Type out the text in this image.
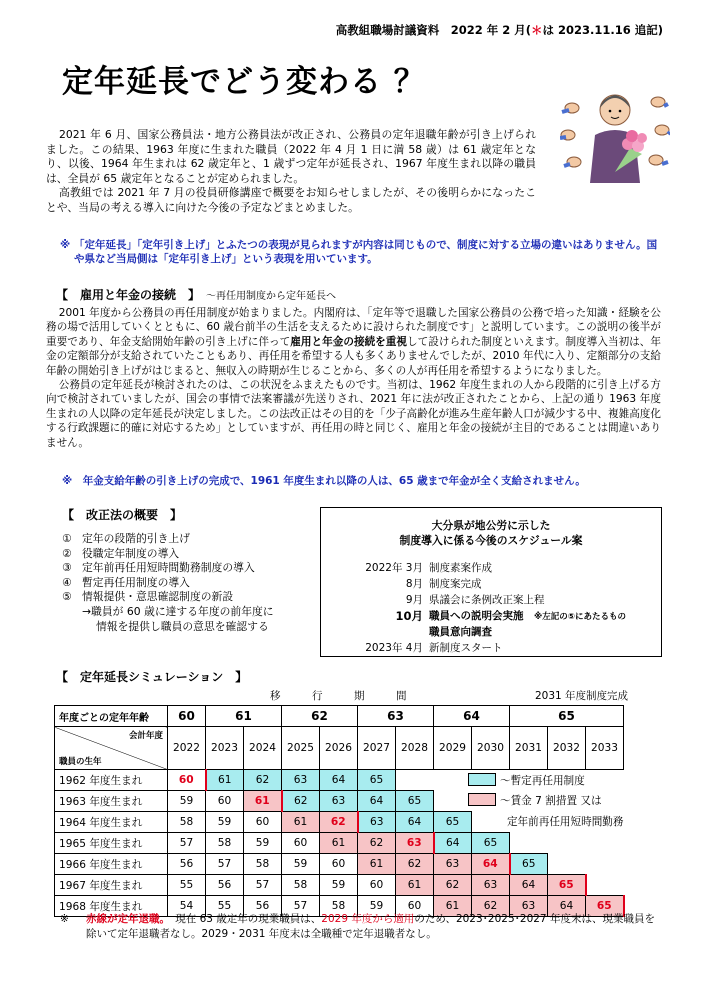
高教組職場討議資料　2022 年 2 月(＊は 2023.11.16 追記)
定年延長でどう変わる ？

2021 年 6 月、国家公務員法・地方公務員法が改正され、公務員の定年退職年齢が引き上げられました。この結果、1963 年度に生まれた職員（2022 年 4 月 1 日に満 58 歳）は 61 歳定年となり、以後、1964 年生まれは 62 歳定年と、1 歳ずつ定年が延長され、1967 年度生まれ以降の職員は、全員が 65 歳定年となることが定められました。

高教組では 2021 年 7 月の役員研修講座で概要をお知らせしましたが、その後明らかになったことや、当局の考える導入に向けた今後の予定などまとめました。

※ 「定年延長」「定年引き上げ」とふたつの表現が見られますが内容は同じもので、制度に対する立場の違いはありません。国や県など当局側は「定年引き上げ」という表現を用いています。
【　雇用と年金の接続　】　 ～再任用制度から定年延長へ

2001 年度から公務員の再任用制度が始まりました。内閣府は、「定年等で退職した国家公務員の公務で培った知識・経験を公務の場で活用していくとともに、60 歳台前半の生活を支えるために設けられた制度です」と説明しています。この説明の後半が重要であり、年金支給開始年齢の引き上げに伴って雇用と年金の接続を重視して設けられた制度といえます。制度導入当初は、年金の定額部分が支給されていたこともあり、再任用を希望する人も多くありませんでしたが、2010 年代に入り、定額部分の支給年齢の開始引き上げがはじまると、無収入の時期が生じることから、多くの人が再任用を希望するようになりました。

公務員の定年延長が検討されたのは、この状況をふまえたものです。当初は、1962 年度生まれの人から段階的に引き上げる方向で検討されていましたが、国会の事情で法案審議が先送りされ、2021 年に法が改正されたことから、上記の通り 1963 年度生まれの人以降の定年延長が決定しました。この法改正はその目的を「少子高齢化が進み生産年齢人口が減少する中、複雑高度化する行政課題に的確に対応するため」としていますが、再任用の時と同じく、雇用と年金の接続が主目的であることは間違いありません。

※　 年金支給年齢の引き上げの完成で、1961 年度生まれ以降の人は、65 歳まで年金が全く支給されません。
【　改正法の概要　】
① 定年の段階的引き上げ
② 役職定年制度の導入
③ 定年前再任用短時間勤務制度の導入
④ 暫定再任用制度の導入
⑤ 情報提供・意思確認制度の新設
→職員が 60 歳に達する年度の前年度に
情報を提供し職員の意思を確認する
大分県が地公労に示した
制度導入に係る今後のスケジュール案
2022年 3月 制度素案作成
8月 制度案完成
9月 県議会に条例改正案上程
10月 職員への説明会実施　 ※左記の⑤にあたるもの
職員意向調査
2023年 4月 新制度スタート
【　定年延長シミュレーション　】
移　　　行　　　期　　　間	2031 年度制度完成
年度ごとの定年年齢	60	61		62		63		64		65		

会計年度
職員の生年	2022	2023	2024	2025	2026	2027	2028	2029	2030	2031	2032	2033
1962 年度生まれ	60	61	62	63	64	65	～暫定再任用制度					
1963 年度生まれ	59	60	61	62	63	64	65	～賃金 7 割措置 又は				
1964 年度生まれ	58	59	60	61	62	63	64	65	定年前再任用短時間勤務			
1965 年度生まれ	57	58	59	60	61	62	63	64	65			
1966 年度生まれ	56	57	58	59	60	61	62	63	64	65		
1967 年度生まれ	55	56	57	58	59	60	61	62	63	64	65	
1968 年度生まれ	54	55	56	57	58	59	60	61	62	63	64	65
※	赤線が定年退職。　現在 63 歳定年の現業職員は、2029 年度から適用のため、2023･2025･2027 年度末は、現業職員を除いて定年退職者なし。2029・2031 年度末は全職種で定年退職者なし。
